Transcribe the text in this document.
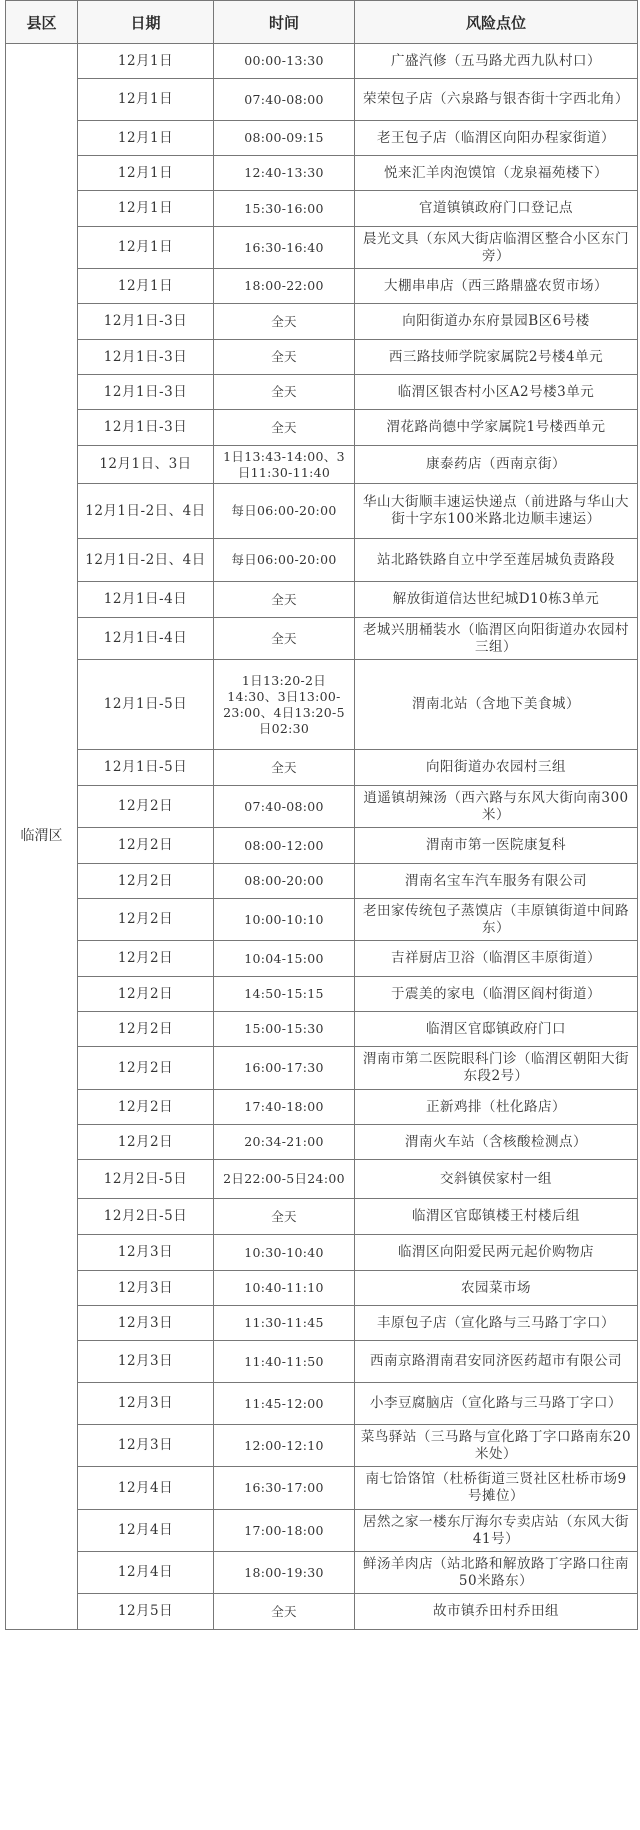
县区	日期	时间	风险点位
临渭区	12月1日	00:00-13:30	广盛汽修（五马路尤西九队村口）
	12月1日	07:40-08:00	荣荣包子店（六泉路与银杏街十字西北角）
	12月1日	08:00-09:15	老王包子店（临渭区向阳办程家街道）
	12月1日	12:40-13:30	悦来汇羊肉泡馍馆（龙泉福苑楼下）
	12月1日	15:30-16:00	官道镇镇政府门口登记点
	12月1日	16:30-16:40	晨光文具（东风大街店临渭区整合小区东门旁）
	12月1日	18:00-22:00	大棚串串店（西三路鼎盛农贸市场）
	12月1日-3日	全天	向阳街道办东府景园B区6号楼
	12月1日-3日	全天	西三路技师学院家属院2号楼4单元
	12月1日-3日	全天	临渭区银杏村小区A2号楼3单元
	12月1日-3日	全天	渭花路尚德中学家属院1号楼西单元
	12月1日、3日	1日13:43-14:00、3日11:30-11:40	康泰药店（西南京街）
	12月1日-2日、4日	每日06:00-20:00	华山大街顺丰速运快递点（前进路与华山大街十字东100米路北边顺丰速运）
	12月1日-2日、4日	每日06:00-20:00	站北路铁路自立中学至莲居城负责路段
	12月1日-4日	全天	解放街道信达世纪城D10栋3单元
	12月1日-4日	全天	老城兴朋桶装水（临渭区向阳街道办农园村三组）
	12月1日-5日	1日13:20-2日14:30、3日13:00-23:00、4日13:20-5日02:30	渭南北站（含地下美食城）
	12月1日-5日	全天	向阳街道办农园村三组
	12月2日	07:40-08:00	逍遥镇胡辣汤（西六路与东风大街向南300米）
	12月2日	08:00-12:00	渭南市第一医院康复科
	12月2日	08:00-20:00	渭南名宝车汽车服务有限公司
	12月2日	10:00-10:10	老田家传统包子蒸馍店（丰原镇街道中间路东）
	12月2日	10:04-15:00	吉祥厨店卫浴（临渭区丰原街道）
	12月2日	14:50-15:15	于震美的家电（临渭区阎村街道）
	12月2日	15:00-15:30	临渭区官邸镇政府门口
	12月2日	16:00-17:30	渭南市第二医院眼科门诊（临渭区朝阳大街东段2号）
	12月2日	17:40-18:00	正新鸡排（杜化路店）
	12月2日	20:34-21:00	渭南火车站（含核酸检测点）
	12月2日-5日	2日22:00-5日24:00	交斜镇侯家村一组
	12月2日-5日	全天	临渭区官邸镇楼王村楼后组
	12月3日	10:30-10:40	临渭区向阳爱民两元起价购物店
	12月3日	10:40-11:10	农园菜市场
	12月3日	11:30-11:45	丰原包子店（宣化路与三马路丁字口）
	12月3日	11:40-11:50	西南京路渭南君安同济医药超市有限公司
	12月3日	11:45-12:00	小李豆腐脑店（宣化路与三马路丁字口）
	12月3日	12:00-12:10	菜鸟驿站（三马路与宣化路丁字口路南东20米处）
	12月4日	16:30-17:00	南七饸饹馆（杜桥街道三贤社区杜桥市场9号摊位）
	12月4日	17:00-18:00	居然之家一楼东厅海尔专卖店站（东风大街41号）
	12月4日	18:00-19:30	鲜汤羊肉店（站北路和解放路丁字路口往南50米路东）
	12月5日	全天	故市镇乔田村乔田组
